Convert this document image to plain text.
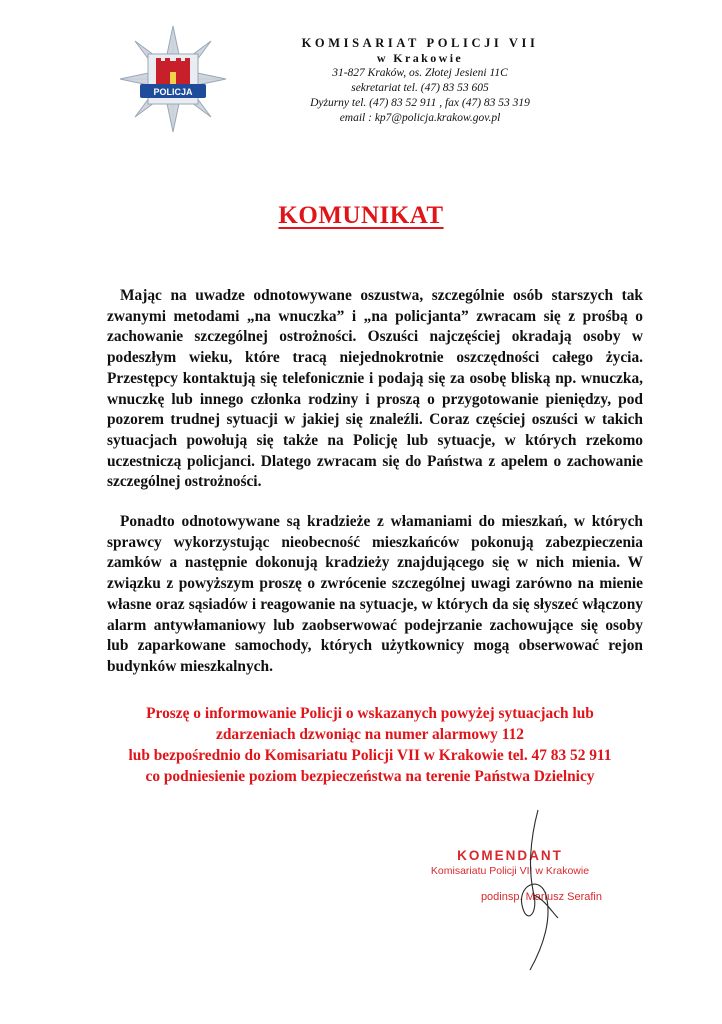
POLICJA
KOMISARIAT POLICJI VII
w Krakowie
31-827 Kraków, os. Złotej Jesieni 11C
sekretariat tel. (47) 83 53 605
Dyżurny tel. (47) 83 52 911 , fax (47) 83 53 319
email : kp7@policja.krakow.gov.pl
KOMUNIKAT

Mając na uwadze odnotowywane oszustwa, szczególnie osób starszych tak zwanymi metodami „na wnuczka” i „na policjanta” zwracam się z prośbą o zachowanie szczególnej ostrożności. Oszuści najczęściej okradają osoby w podeszłym wieku, które tracą niejednokrotnie oszczędności całego życia. Przestępcy kontaktują się telefonicznie i podają się za osobę bliską np. wnuczka, wnuczkę lub innego członka rodziny i proszą o przygotowanie pieniędzy, pod pozorem trudnej sytuacji w jakiej się znaleźli. Coraz częściej oszuści w takich sytuacjach powołują się także na Policję lub sytuacje, w których rzekomo uczestniczą policjanci. Dlatego zwracam się do Państwa z apelem o zachowanie szczególnej ostrożności.

Ponadto odnotowywane są kradzieże z włamaniami do mieszkań, w których sprawcy wykorzystując nieobecność mieszkańców pokonują zabezpieczenia zamków a następnie dokonują kradzieży znajdującego się w nich mienia. W związku z powyższym proszę o zwrócenie szczególnej uwagi zarówno na mienie własne oraz sąsiadów i reagowanie na sytuacje, w których da się słyszeć włączony alarm antywłamaniowy lub zaobserwować podejrzanie zachowujące się osoby lub zaparkowane samochody, których użytkownicy mogą obserwować rejon budynków mieszkalnych.

Proszę o informowanie Policji o wskazanych powyżej sytuacjach lub
zdarzeniach dzwoniąc na numer alarmowy 112
lub bezpośrednio do Komisariatu Policji VII w Krakowie tel. 47 83 52 911
co podniesienie poziom bezpieczeństwa na terenie Państwa Dzielnicy
KOMENDANT
Komisariatu Policji VII w Krakowie
podinsp. Mariusz Serafin
